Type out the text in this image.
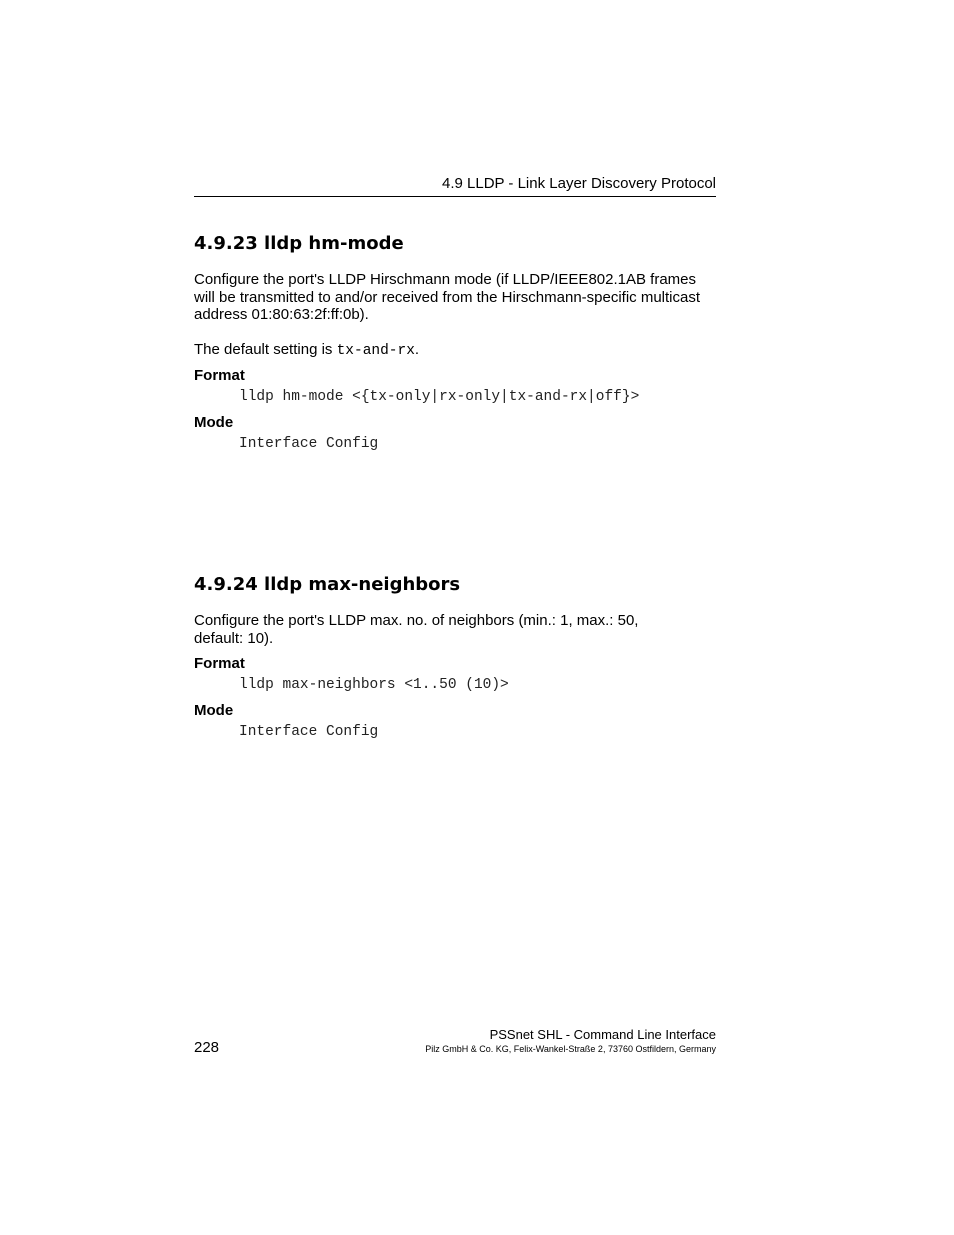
4.9 LLDP - Link Layer Discovery Protocol
4.9.23 lldp hm-mode

Configure the port's LLDP Hirschmann mode (if LLDP/IEEE802.1AB frames will be transmitted to and/or received from the Hirschmann-specific multicast address 01:80:63:2f:ff:0b).

The default setting is tx-and-rx.

Format
lldp hm-mode <{tx-only|rx-only|tx-and-rx|off}>
Mode
Interface Config
4.9.24 lldp max-neighbors

Configure the port's LLDP max. no. of neighbors (min.: 1, max.: 50, default: 10).

Format
lldp max-neighbors <1..50 (10)>
Mode
Interface Config
228
PSSnet SHL - Command Line Interface
Pilz GmbH & Co. KG, Felix-Wankel-Straße 2, 73760 Ostfildern, Germany
